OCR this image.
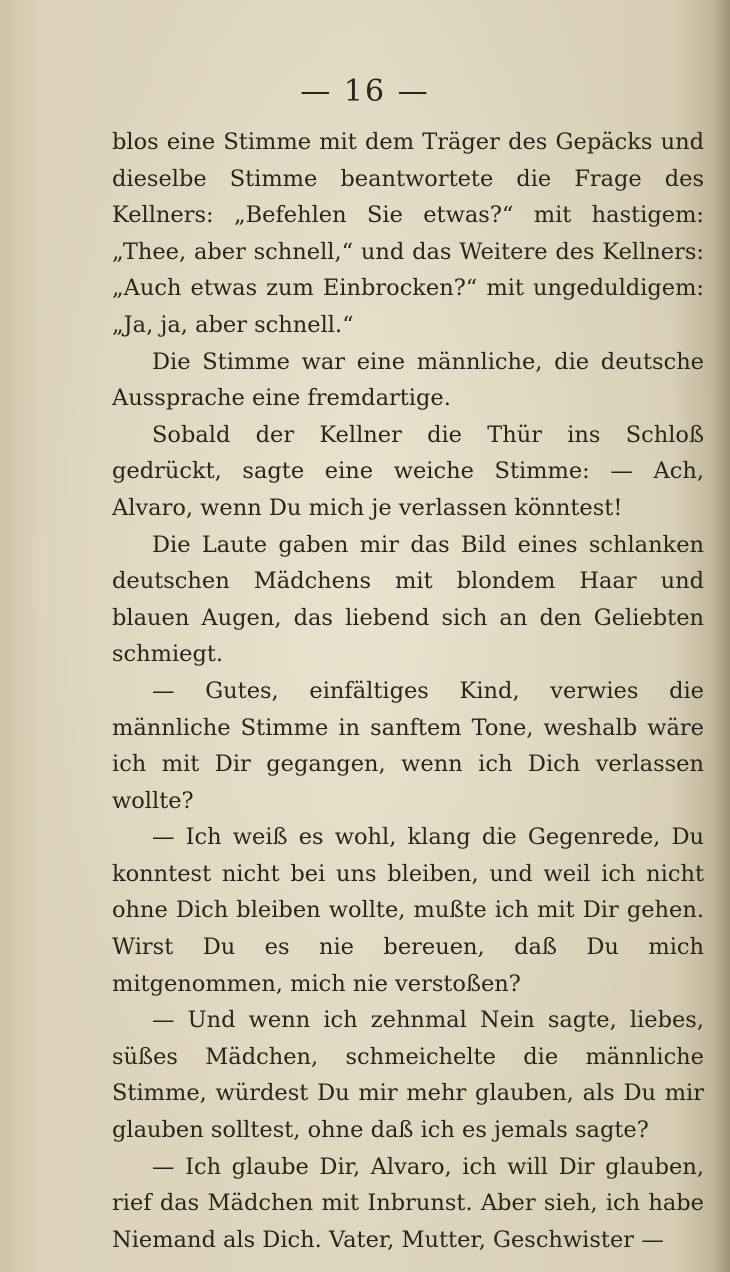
— 16 —

blos eine Stimme mit dem Träger des Gepäcks und dieselbe Stimme beantwortete die Frage des Kellners: „Befehlen Sie etwas?“ mit hastigem: „Thee, aber schnell,“ und das Weitere des Kellners: „Auch etwas zum Einbrocken?“ mit ungeduldigem: „Ja, ja, aber schnell.“

Die Stimme war eine männliche, die deutsche Aussprache eine fremdartige.

Sobald der Kellner die Thür ins Schloß gedrückt, sagte eine weiche Stimme: — Ach, Alvaro, wenn Du mich je verlassen könntest!

Die Laute gaben mir das Bild eines schlanken deutschen Mädchens mit blondem Haar und blauen Augen, das liebend sich an den Geliebten schmiegt.

— Gutes, einfältiges Kind, verwies die männliche Stimme in sanftem Tone, weshalb wäre ich mit Dir gegangen, wenn ich Dich verlassen wollte?

— Ich weiß es wohl, klang die Gegenrede, Du konntest nicht bei uns bleiben, und weil ich nicht ohne Dich bleiben wollte, mußte ich mit Dir gehen. Wirst Du es nie bereuen, daß Du mich mitgenommen, mich nie verstoßen?

— Und wenn ich zehnmal Nein sagte, liebes, süßes Mädchen, schmeichelte die männliche Stimme, würdest Du mir mehr glauben, als Du mir glauben solltest, ohne daß ich es jemals sagte?

— Ich glaube Dir, Alvaro, ich will Dir glauben, rief das Mädchen mit Inbrunst. Aber sieh, ich habe Niemand als Dich. Vater, Mutter, Geschwister —
